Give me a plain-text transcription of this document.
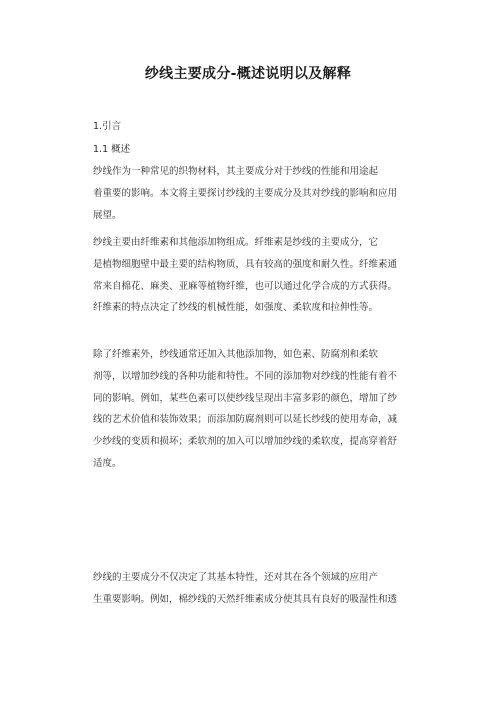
纱线主要成分-概述说明以及解释
1.引言
1.1 概述
纱线作为一种常见的织物材料，其主要成分对于纱线的性能和用途起
着重要的影响。本文将主要探讨纱线的主要成分及其对纱线的影响和应用
展望。
纱线主要由纤维素和其他添加物组成。纤维素是纱线的主要成分，它
是植物细胞壁中最主要的结构物质，具有较高的强度和耐久性。纤维素通
常来自棉花、麻类、亚麻等植物纤维，也可以通过化学合成的方式获得。
纤维素的特点决定了纱线的机械性能，如强度、柔软度和拉伸性等。
除了纤维素外，纱线通常还加入其他添加物，如色素、防腐剂和柔软
剂等，以增加纱线的各种功能和特性。不同的添加物对纱线的性能有着不
同的影响。例如，某些色素可以使纱线呈现出丰富多彩的颜色，增加了纱
线的艺术价值和装饰效果；而添加防腐剂则可以延长纱线的使用寿命，减
少纱线的变质和损坏；柔软剂的加入可以增加纱线的柔软度，提高穿着舒
适度。
纱线的主要成分不仅决定了其基本特性，还对其在各个领域的应用产
生重要影响。例如，棉纱线的天然纤维素成分使其具有良好的吸湿性和透
